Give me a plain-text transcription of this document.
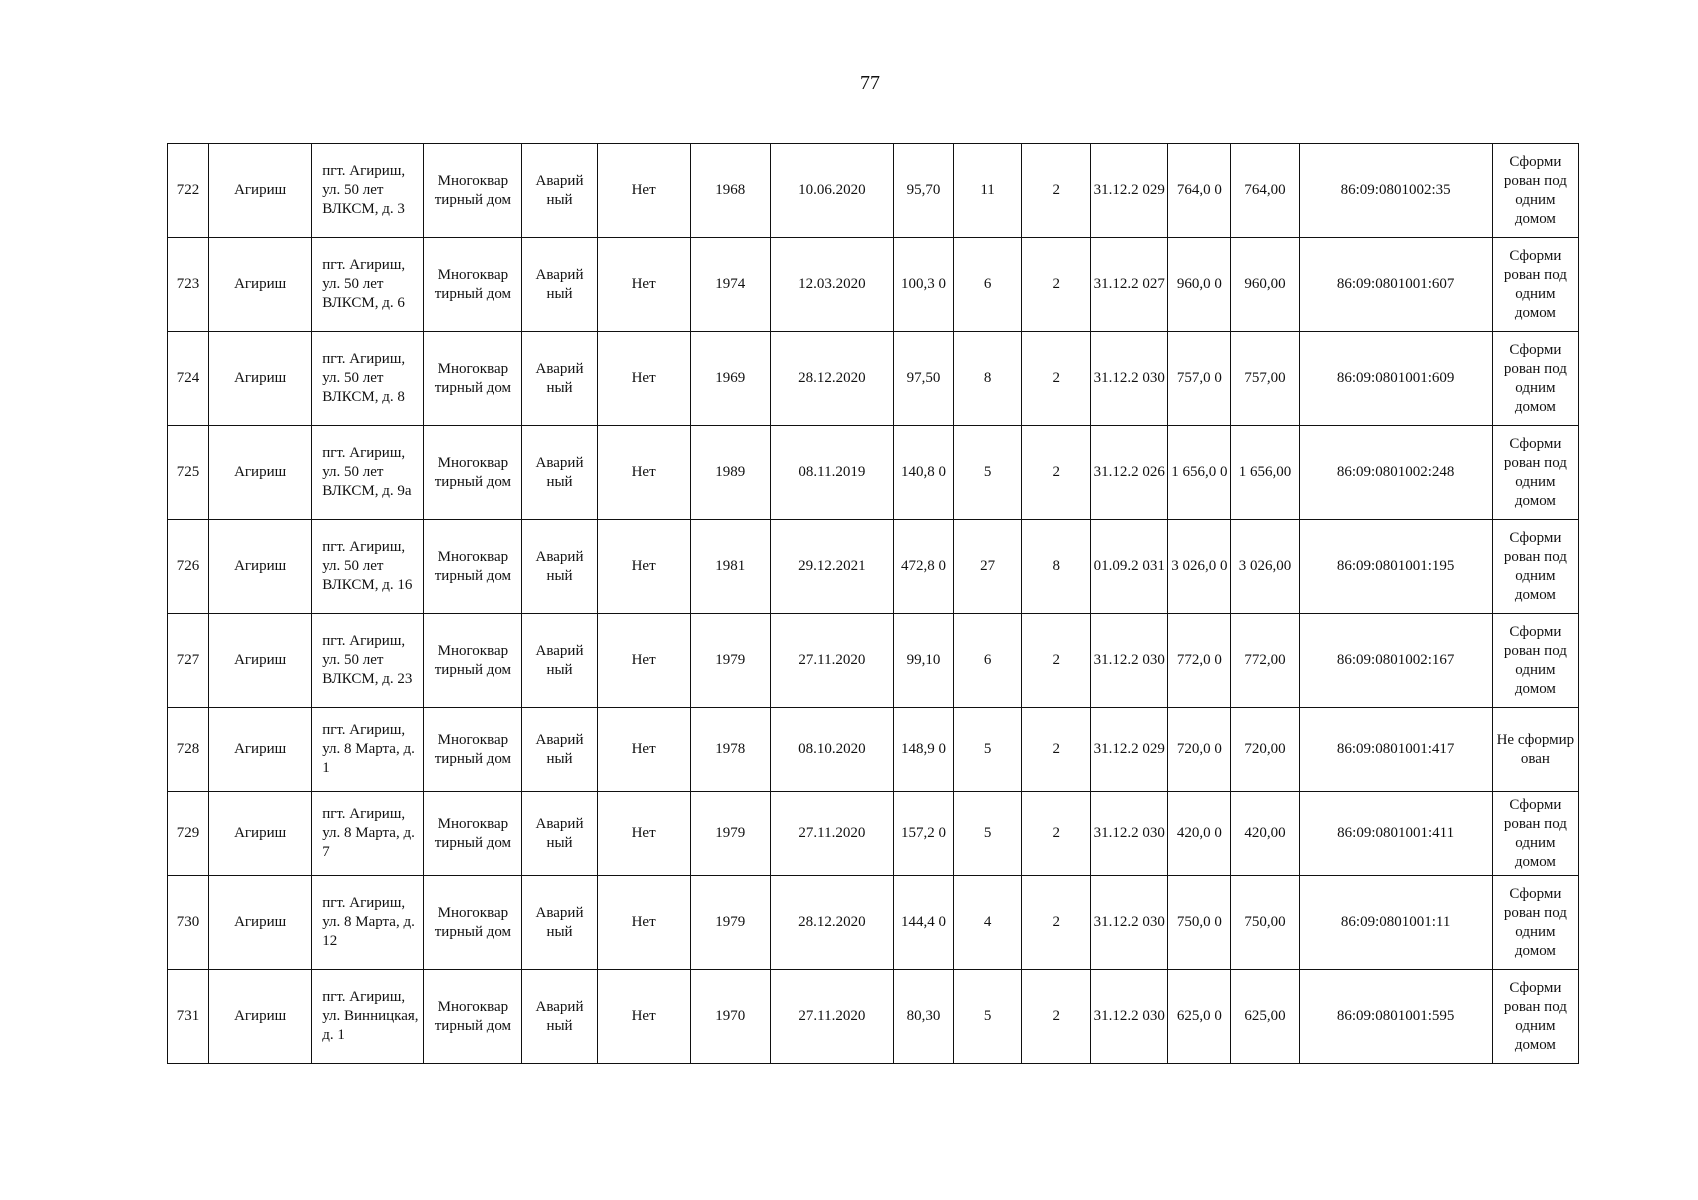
77
722	Агириш	пгт. Агириш, ул. 50 лет ВЛКСМ, д. 3	Многоквар тирный дом	Аварий ный	Нет	1968	10.06.2020	95,70	11	2	31.12.2 029	764,0 0	764,00	86:09:0801002:35	Сформи рован под одним домом
723	Агириш	пгт. Агириш, ул. 50 лет ВЛКСМ, д. 6	Многоквар тирный дом	Аварий ный	Нет	1974	12.03.2020	100,3 0	6	2	31.12.2 027	960,0 0	960,00	86:09:0801001:607	Сформи рован под одним домом
724	Агириш	пгт. Агириш, ул. 50 лет ВЛКСМ, д. 8	Многоквар тирный дом	Аварий ный	Нет	1969	28.12.2020	97,50	8	2	31.12.2 030	757,0 0	757,00	86:09:0801001:609	Сформи рован под одним домом
725	Агириш	пгт. Агириш, ул. 50 лет ВЛКСМ, д. 9а	Многоквар тирный дом	Аварий ный	Нет	1989	08.11.2019	140,8 0	5	2	31.12.2 026	1 656,0 0	1 656,00	86:09:0801002:248	Сформи рован под одним домом
726	Агириш	пгт. Агириш, ул. 50 лет ВЛКСМ, д. 16	Многоквар тирный дом	Аварий ный	Нет	1981	29.12.2021	472,8 0	27	8	01.09.2 031	3 026,0 0	3 026,00	86:09:0801001:195	Сформи рован под одним домом
727	Агириш	пгт. Агириш, ул. 50 лет ВЛКСМ, д. 23	Многоквар тирный дом	Аварий ный	Нет	1979	27.11.2020	99,10	6	2	31.12.2 030	772,0 0	772,00	86:09:0801002:167	Сформи рован под одним домом
728	Агириш	пгт. Агириш, ул. 8 Марта, д. 1	Многоквар тирный дом	Аварий ный	Нет	1978	08.10.2020	148,9 0	5	2	31.12.2 029	720,0 0	720,00	86:09:0801001:417	Не сформир ован
729	Агириш	пгт. Агириш, ул. 8 Марта, д. 7	Многоквар тирный дом	Аварий ный	Нет	1979	27.11.2020	157,2 0	5	2	31.12.2 030	420,0 0	420,00	86:09:0801001:411	Сформи рован под одним домом
730	Агириш	пгт. Агириш, ул. 8 Марта, д. 12	Многоквар тирный дом	Аварий ный	Нет	1979	28.12.2020	144,4 0	4	2	31.12.2 030	750,0 0	750,00	86:09:0801001:11	Сформи рован под одним домом
731	Агириш	пгт. Агириш, ул. Винницкая, д. 1	Многоквар тирный дом	Аварий ный	Нет	1970	27.11.2020	80,30	5	2	31.12.2 030	625,0 0	625,00	86:09:0801001:595	Сформи рован под одним домом
